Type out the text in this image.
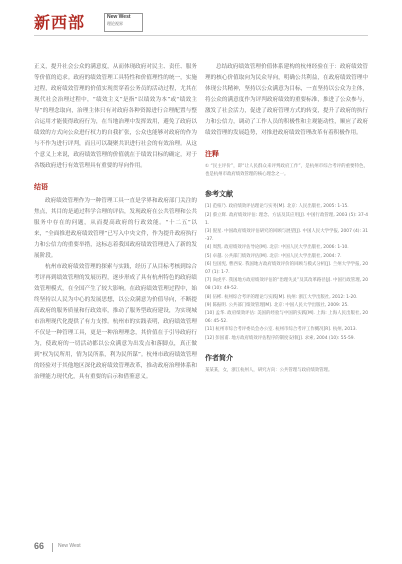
新西部	New West
理论视界

正义，提升社会公众的满意度，从而体现政府对民主、责任、服务等价值的追求。政府的绩效管理工具特性和价值理性的统一，实施过程，政府绩效管理的价值实现贯穿着公务员的活动过程，尤其在现代社会治理过程中，“绩效主义”是指“以绩效为本”或“绩效主导”的理念取向，治理主体只有对政府各种资源进行合理配置与整合运用才能使得政府行为，在当地治理中发挥效用，避免了政府以绩效的方式向公众进行权力的自我扩张，公众也能够对政府的作为与不作为进行评判，而且可以凝聚共识进行社会的有效治理。从这个意义上来说，政府绩效管理的价值就在于绩效目标的确定，对于各级政府进行有效管理具有重要的导向作用。

结语

政府绩效管理作为一种管理工具一直是学界和政府部门关注的焦点，其目的是通过科学合理的评估，发现政府在公共管理和公共服务中存在的问题，从而提高政府的行政效能。“十二五”以来，“全面推进政府绩效管理”已写入中央文件，作为提升政府执行力和公信力的重要举措，这标志着我国政府绩效管理进入了新的发展阶段。

杭州市政府绩效管理的探索与实践，经历了从目标考核到综合考评再到绩效管理的发展历程，逐步形成了具有杭州特色的政府绩效管理模式，在全国产生了较大影响。在政府绩效管理过程中，始终坚持以人民为中心的发展思想，以公众满意为价值导向，不断提高政府的服务质量和行政效率，推动了服务型政府建设，为实现城市治理现代化提供了有力支撑。杭州市的实践表明，政府绩效管理不仅是一种管理工具，更是一种治理理念，其价值在于引导政府行为，使政府的一切活动都以公众满意为出发点和落脚点，真正做到“权为民所用，情为民所系，利为民所谋”。杭州市政府绩效管理的经验对于其他地区深化政府绩效管理改革，推动政府治理体系和治理能力现代化，具有重要的启示和借鉴意义。

总结政府绩效管理价值体系建构的杭州经验在于：政府绩效管理的核心价值取向为民众导向，明确公共利益，在政府绩效管理中体现公共精神，坚持以公众满意为目标，一直坚持以公众为主体，将公众的满意度作为评判政府绩效的重要标准，推进了公众参与，激发了社会活力，促进了政府管理方式的转变，提升了政府的执行力和公信力，调动了工作人员的积极性和主观能动性，顺应了政府绩效管理的发展趋势，对推进政府绩效管理改革有着积极作用。

注释

① “民主评价”，即“让人民群众来评判政府工作”，是杭州市综合考评的重要特色，也是杭州市政府绩效管理的核心理念之一。

参考文献

[1] 范柏乃. 政府绩效评估理论与实务[M]. 北京: 人民出版社, 2005: 1-15.

[2] 蔡立辉. 政府绩效评估: 理念、方法及其应用[J]. 中国行政管理, 2003 (5): 37-41.

[3] 倪星. 中国政府绩效评估研究的回顾与展望[J]. 中国人民大学学报, 2007 (4): 31-37.

[4] 周凯. 政府绩效评估导论[M]. 北京: 中国人民大学出版社, 2006: 1-10.

[5] 卓越. 公共部门绩效评估[M]. 北京: 中国人民大学出版社, 2004: 7.

[6] 包国宪, 曹西安. 我国地方政府绩效评价的回顾与模式分析[J]. 兰州大学学报, 2007 (1): 1-7.

[7] 尚虎平. 我国地方政府绩效评估的“治理失灵”及其改革路径[J]. 中国行政管理, 2008 (10): 49-52.

[8] 伍彬. 杭州综合考评的理论与实践[M]. 杭州: 浙江大学出版社, 2012: 1-20.

[9] 陈振明. 公共部门绩效管理[M]. 北京: 中国人民大学出版社, 2009: 25.

[10] 孟华. 政府绩效评估: 美国的经验与中国的实践[M]. 上海: 上海人民出版社, 2006: 45-52.

[11] 杭州市综合考评委员会办公室. 杭州市综合考评工作概况[R]. 杭州, 2013.

[12] 彭国甫. 地方政府绩效评估程序的制度安排[J]. 求索, 2004 (10): 55-59.

作者简介

某某某，女，浙江杭州人，研究方向：公共管理与政府绩效管理。

66	New West
